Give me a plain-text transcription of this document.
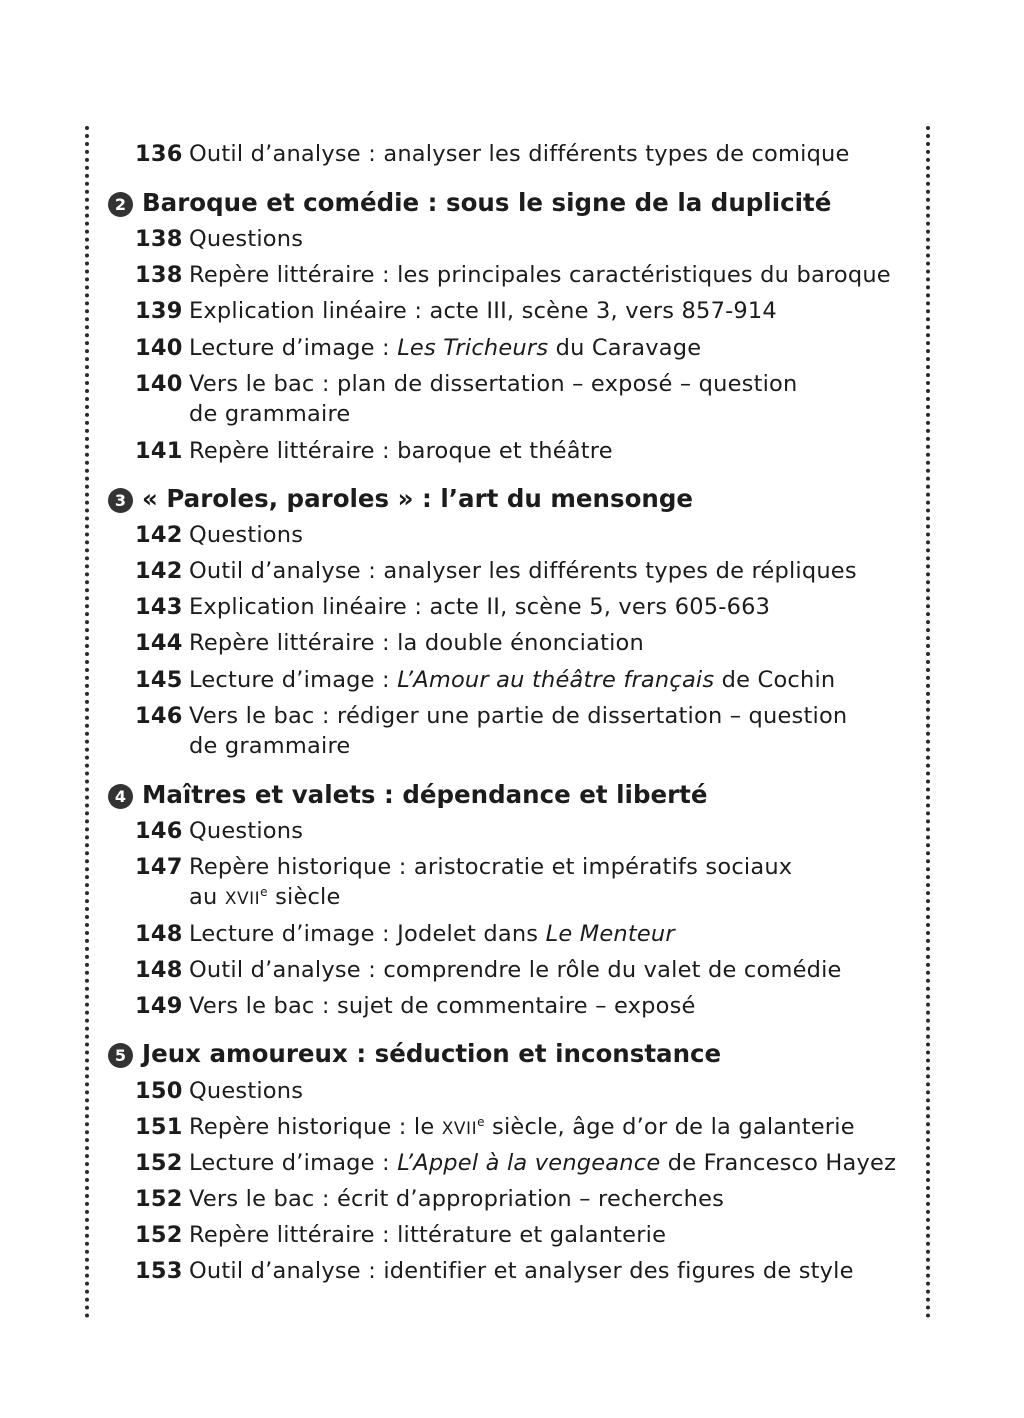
136 Outil d’analyse : analyser les différents types de comique
2 Baroque et comédie : sous le signe de la duplicité
138 Questions
138 Repère littéraire : les principales caractéristiques du baroque
139 Explication linéaire : acte III, scène 3, vers 857-914
140 Lecture d’image : Les Tricheurs du Caravage
140 Vers le bac : plan de dissertation – exposé – question
de grammaire
141 Repère littéraire : baroque et théâtre
3 « Paroles, paroles » : l’art du mensonge
142 Questions
142 Outil d’analyse : analyser les différents types de répliques
143 Explication linéaire : acte II, scène 5, vers 605-663
144 Repère littéraire : la double énonciation
145 Lecture d’image : L’Amour au théâtre français de Cochin
146 Vers le bac : rédiger une partie de dissertation – question
de grammaire
4 Maîtres et valets : dépendance et liberté
146 Questions
147 Repère historique : aristocratie et impératifs sociaux
au XVIIe siècle
148 Lecture d’image : Jodelet dans Le Menteur
148 Outil d’analyse : comprendre le rôle du valet de comédie
149 Vers le bac : sujet de commentaire – exposé
5 Jeux amoureux : séduction et inconstance
150 Questions
151 Repère historique : le XVIIe siècle, âge d’or de la galanterie
152 Lecture d’image : L’Appel à la vengeance de Francesco Hayez
152 Vers le bac : écrit d’appropriation – recherches
152 Repère littéraire : littérature et galanterie
153 Outil d’analyse : identifier et analyser des figures de style
